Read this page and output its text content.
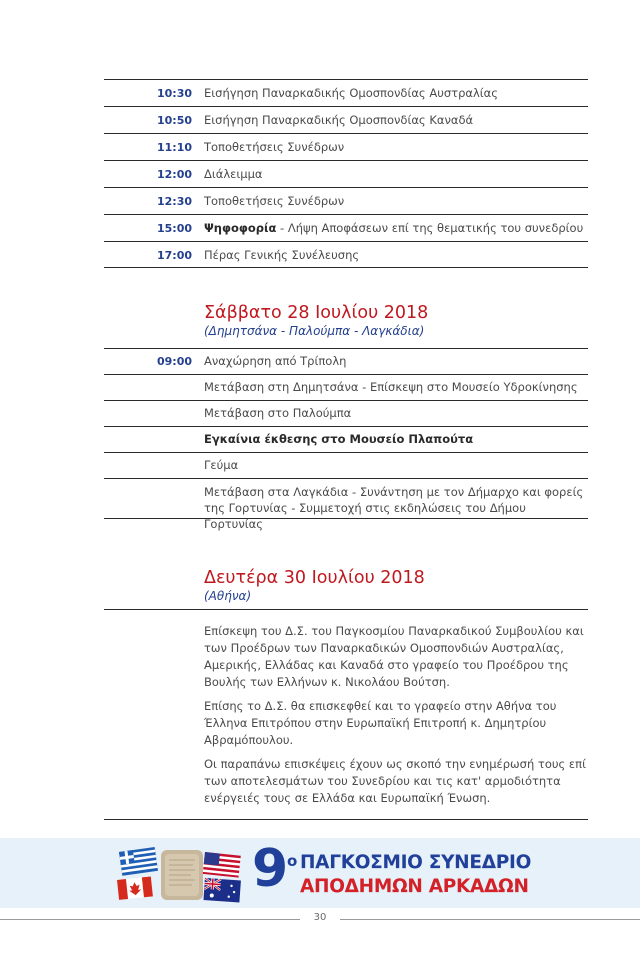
10:30 Εισήγηση Παναρκαδικής Ομοσπονδίας Αυστραλίας
10:50 Εισήγηση Παναρκαδικής Ομοσπονδίας Καναδά
11:10 Τοποθετήσεις Συνέδρων
12:00 Διάλειμμα
12:30 Τοποθετήσεις Συνέδρων
15:00 Ψηφοφορία - Λήψη Αποφάσεων επί της θεματικής του συνεδρίου
17:00 Πέρας Γενικής Συνέλευσης
Σάββατο 28 Ιουλίου 2018
(Δημητσάνα - Παλούμπα - Λαγκάδια)
09:00 Αναχώρηση από Τρίπολη
Μετάβαση στη Δημητσάνα - Επίσκεψη στο Μουσείο Υδροκίνησης
Μετάβαση στο Παλούμπα
Εγκαίνια έκθεσης στο Μουσείο Πλαπούτα
Γεύμα
Μετάβαση στα Λαγκάδια - Συνάντηση με τον Δήμαρχο και φορείς της Γορτυνίας - Συμμετοχή στις εκδηλώσεις του Δήμου Γορτυνίας
Δευτέρα 30 Ιουλίου 2018
(Αθήνα)

Επίσκεψη του Δ.Σ. του Παγκοσμίου Παναρκαδικού Συμβουλίου και των Προέδρων των Παναρκαδικών Ομοσπονδιών Αυστραλίας, Αμερικής, Ελλάδας και Καναδά στο γραφείο του Προέδρου της Βουλής των Ελλήνων κ. Νικολάου Βούτση.

Επίσης το Δ.Σ. θα επισκεφθεί και το γραφείο στην Αθήνα του Έλληνα Επιτρόπου στην Ευρωπαϊκή Επιτροπή κ. Δημητρίου Αβραμόπουλου.

Οι παραπάνω επισκέψεις έχουν ως σκοπό την ενημέρωσή τους επί των αποτελεσμάτων του Συνεδρίου και τις κατ' αρμοδιότητα ενέργειές τους σε Ελλάδα και Ευρωπαϊκή Ένωση.

9
ο ΠΑΓΚΟΣΜΙΟ ΣΥΝΕΔΡΙΟ
ΑΠΟΔΗΜΩΝ ΑΡΚΑΔΩΝ
30
